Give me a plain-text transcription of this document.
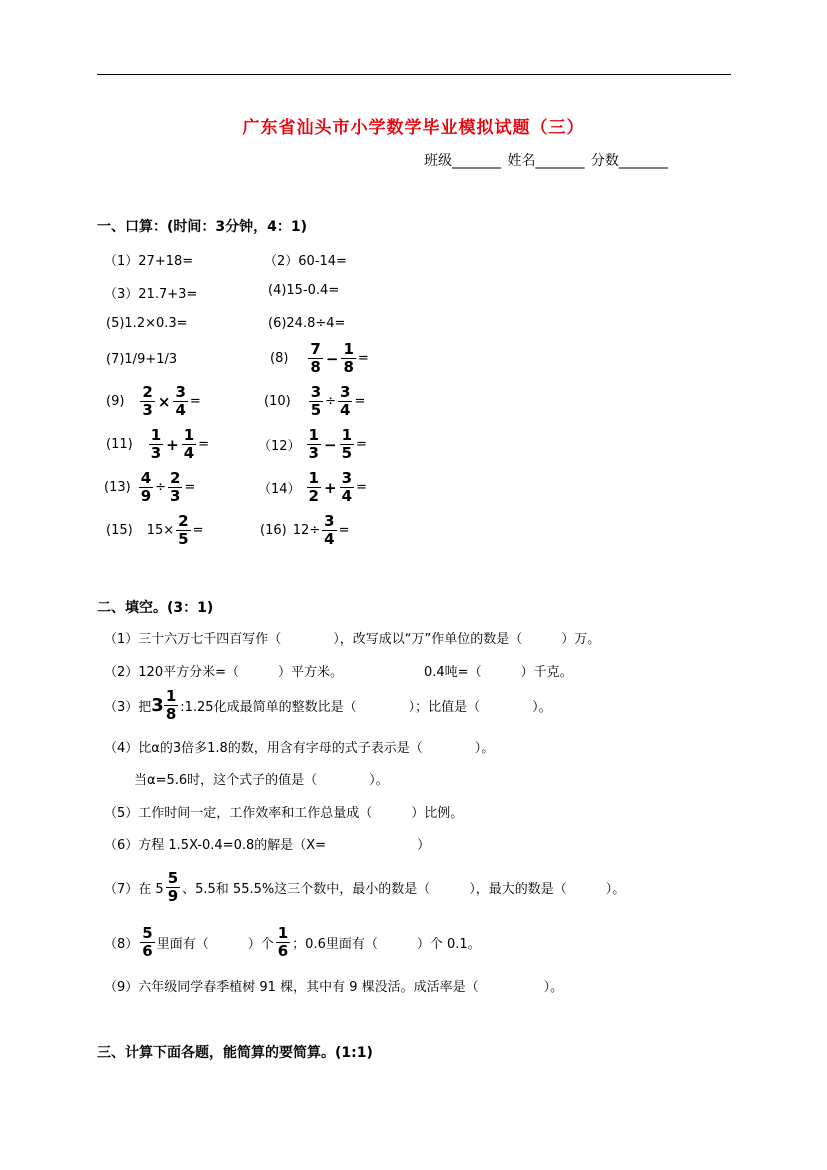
广东省汕头市小学数学毕业模拟试题（三）
班级_______ 姓名_______ 分数_______
一、口算：(时间：3分钟，4：1)
（1）27+18=	（2）60-14=
（3）21.7+3=	(4)15-0.4=
(5)1.2×0.3=	(6)24.8÷4=
(7)1/9+1/3	$(8) \frac{7}{8} - \frac{1}{8}$ =
$(9) \frac{2}{3} \times \frac{3}{4}$ =	$(10) \frac{3}{5} \div \frac{3}{4}$ =
$(11) \frac{1}{3} + \frac{1}{4}$ =	$(12) \frac{1}{3} - \frac{1}{5}$ =
$(13) \frac{4}{9} \div \frac{2}{3}$ =	$(14) \frac{1}{2} + \frac{3}{4}$ =
(15) $15\times \frac{2}{5}$ =	(16) $12\div \frac{3}{4}$ =
二、填空。(3：1)
（1）三十六万七千四百写作（　　　　），改写成以“万”作单位的数是（　　　）万。
（2）120平方分米=（　　　）平方米。	0.4吨=（　　　）千克。
（3）把 $3 \frac{1}{8}$ :1.25化成最简单的整数比是（　　　　）；比值是（　　　　）。
（4）比α的3倍多1.8的数，用含有字母的式子表示是（　　　　）。
当α=5.6时，这个式子的值是（　　　　）。
（5）工作时间一定，工作效率和工作总量成（　　　）比例。
（6）方程 1.5X-0.4=0.8的解是（X=　　　　　　　）
（7）在 $5 \frac{5}{9}$ 、5.5和 55.5%这三个数中，最小的数是（　　　），最大的数是（　　　）。
$(8) \frac{5}{6}$ 里面有（　　　）个 $\frac{1}{6}$ ；0.6里面有（　　　）个 0.1。
（9）六年级同学春季植树 91 棵，其中有 9 棵没活。成活率是（　　　　　）。
三、计算下面各题，能简算的要简算。(1:1)
